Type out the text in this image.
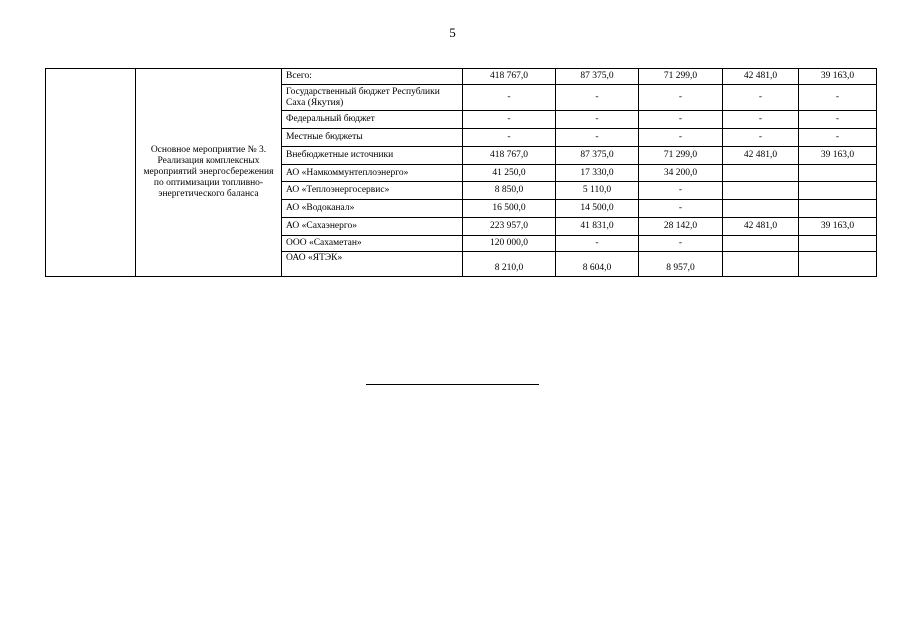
5
	Основное мероприятие № 3. Реализация комплексных мероприятий энергосбережения по оптимизации топливно-энергетического баланса	Всего:	418 767,0	87 375,0	71 299,0	42 481,0	39 163,0
		Государственный бюджет Республики Саха (Якутия)	-	-	-	-	-
		Федеральный бюджет	-	-	-	-	-
		Местные бюджеты	-	-	-	-	-
		Внебюджетные источники	418 767,0	87 375,0	71 299,0	42 481,0	39 163,0
		АО «Намкоммунтеплоэнерго»	41 250,0	17 330,0	34 200,0		
		АО «Теплоэнергосервис»	8 850,0	5 110,0	-		
		АО «Водоканал»	16 500,0	14 500,0	-		
		АО «Сахаэнерго»	223 957,0	41 831,0	28 142,0	42 481,0	39 163,0
		ООО «Сахаметан»	120 000,0	-	-		
		ОАО «ЯТЭК»	8 210,0	8 604,0	8 957,0		
